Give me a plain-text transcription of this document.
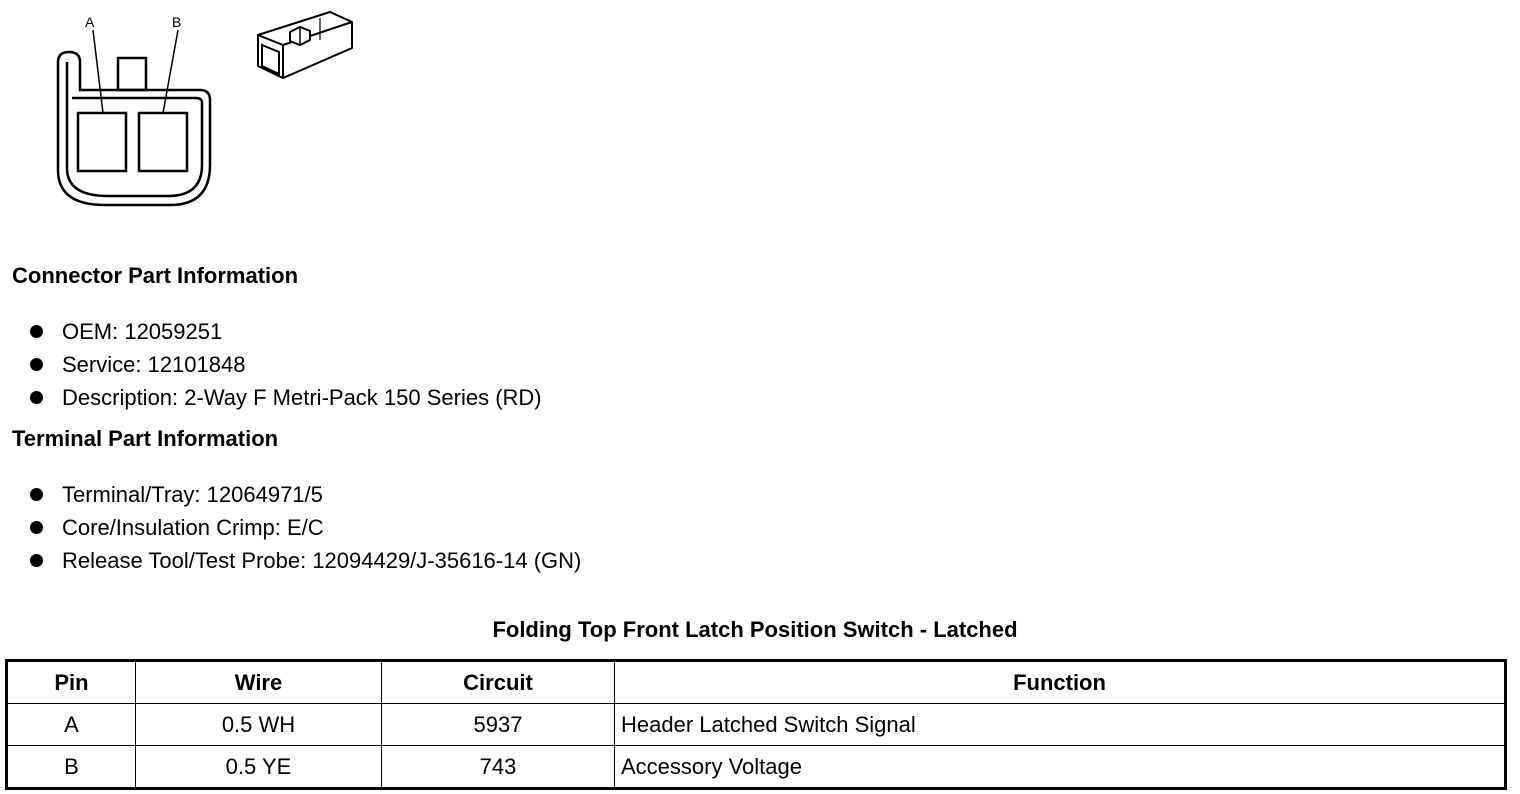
A	B
Connector Part Information
OEM: 12059251
Service: 12101848
Description: 2-Way F Metri-Pack 150 Series (RD)
Terminal Part Information
Terminal/Tray: 12064971/5
Core/Insulation Crimp: E/C
Release Tool/Test Probe: 12094429/J-35616-14 (GN)
Folding Top Front Latch Position Switch - Latched
Pin	Wire	Circuit	Function
A	0.5 WH	5937	Header Latched Switch Signal
B	0.5 YE	743	Accessory Voltage
